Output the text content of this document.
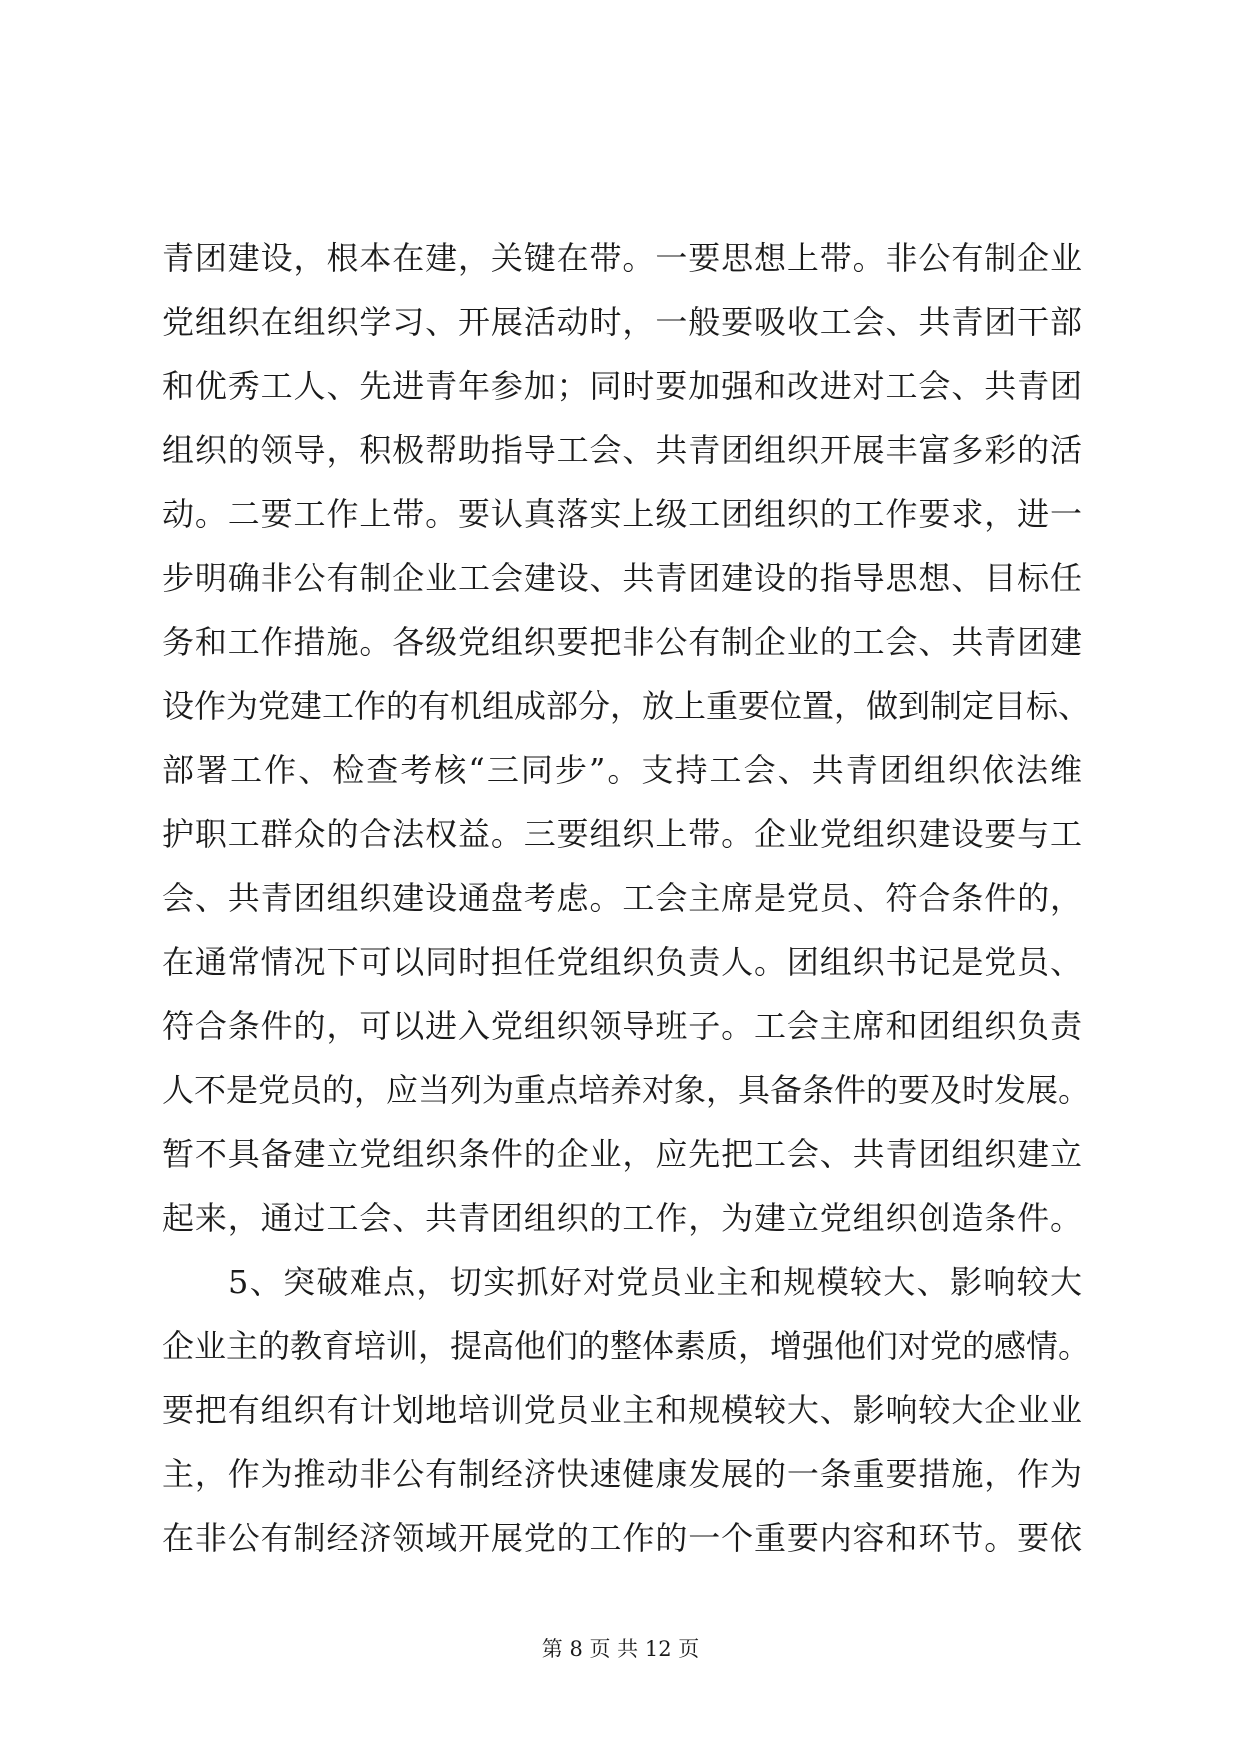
青团建设，根本在建，关键在带。一要思想上带。非公有制企业
党组织在组织学习、开展活动时，一般要吸收工会、共青团干部
和优秀工人、先进青年参加；同时要加强和改进对工会、共青团
组织的领导，积极帮助指导工会、共青团组织开展丰富多彩的活
动。二要工作上带。要认真落实上级工团组织的工作要求，进一
步明确非公有制企业工会建设、共青团建设的指导思想、目标任
务和工作措施。各级党组织要把非公有制企业的工会、共青团建
设作为党建工作的有机组成部分，放上重要位置，做到制定目标、
部署工作、检查考核“三同步”。支持工会、共青团组织依法维
护职工群众的合法权益。三要组织上带。企业党组织建设要与工
会、共青团组织建设通盘考虑。工会主席是党员、符合条件的，
在通常情况下可以同时担任党组织负责人。团组织书记是党员、
符合条件的，可以进入党组织领导班子。工会主席和团组织负责
人不是党员的，应当列为重点培养对象，具备条件的要及时发展。
暂不具备建立党组织条件的企业，应先把工会、共青团组织建立
起来，通过工会、共青团组织的工作，为建立党组织创造条件。
5、突破难点，切实抓好对党员业主和规模较大、影响较大
企业主的教育培训，提高他们的整体素质，增强他们对党的感情。
要把有组织有计划地培训党员业主和规模较大、影响较大企业业
主，作为推动非公有制经济快速健康发展的一条重要措施，作为
在非公有制经济领域开展党的工作的一个重要内容和环节。要依
第 8 页 共 12 页
